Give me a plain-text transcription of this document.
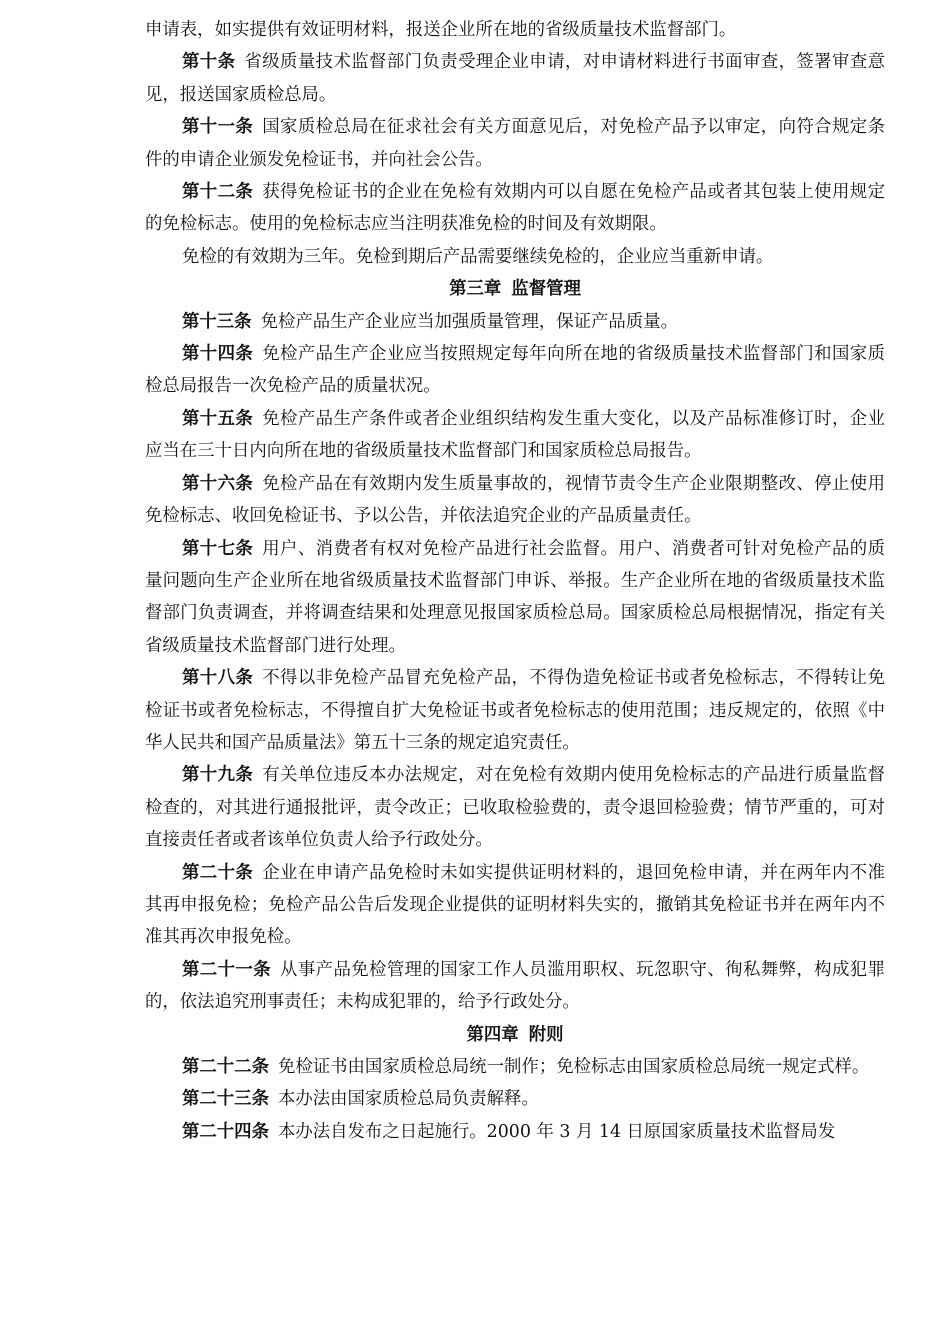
申请表，如实提供有效证明材料，报送企业所在地的省级质量技术监督部门。

第十条 省级质量技术监督部门负责受理企业申请，对申请材料进行书面审查，签署审查意见，报送国家质检总局。

第十一条 国家质检总局在征求社会有关方面意见后，对免检产品予以审定，向符合规定条件的申请企业颁发免检证书，并向社会公告。

第十二条 获得免检证书的企业在免检有效期内可以自愿在免检产品或者其包装上使用规定的免检标志。使用的免检标志应当注明获准免检的时间及有效期限。

免检的有效期为三年。免检到期后产品需要继续免检的，企业应当重新申请。

第三章 监督管理

第十三条 免检产品生产企业应当加强质量管理，保证产品质量。

第十四条 免检产品生产企业应当按照规定每年向所在地的省级质量技术监督部门和国家质检总局报告一次免检产品的质量状况。

第十五条 免检产品生产条件或者企业组织结构发生重大变化，以及产品标准修订时，企业应当在三十日内向所在地的省级质量技术监督部门和国家质检总局报告。

第十六条 免检产品在有效期内发生质量事故的，视情节责令生产企业限期整改、停止使用免检标志、收回免检证书、予以公告，并依法追究企业的产品质量责任。

第十七条 用户、消费者有权对免检产品进行社会监督。用户、消费者可针对免检产品的质量问题向生产企业所在地省级质量技术监督部门申诉、举报。生产企业所在地的省级质量技术监督部门负责调查，并将调查结果和处理意见报国家质检总局。国家质检总局根据情况，指定有关省级质量技术监督部门进行处理。

第十八条 不得以非免检产品冒充免检产品，不得伪造免检证书或者免检标志，不得转让免检证书或者免检标志，不得擅自扩大免检证书或者免检标志的使用范围；违反规定的，依照《中华人民共和国产品质量法》第五十三条的规定追究责任。

第十九条 有关单位违反本办法规定，对在免检有效期内使用免检标志的产品进行质量监督检查的，对其进行通报批评，责令改正；已收取检验费的，责令退回检验费；情节严重的，可对直接责任者或者该单位负责人给予行政处分。

第二十条 企业在申请产品免检时未如实提供证明材料的，退回免检申请，并在两年内不准其再申报免检；免检产品公告后发现企业提供的证明材料失实的，撤销其免检证书并在两年内不准其再次申报免检。

第二十一条 从事产品免检管理的国家工作人员滥用职权、玩忽职守、徇私舞弊，构成犯罪的，依法追究刑事责任；未构成犯罪的，给予行政处分。

第四章 附则

第二十二条 免检证书由国家质检总局统一制作；免检标志由国家质检总局统一规定式样。

第二十三条 本办法由国家质检总局负责解释。

第二十四条 本办法自发布之日起施行。2000 年 3 月 14 日原国家质量技术监督局发
